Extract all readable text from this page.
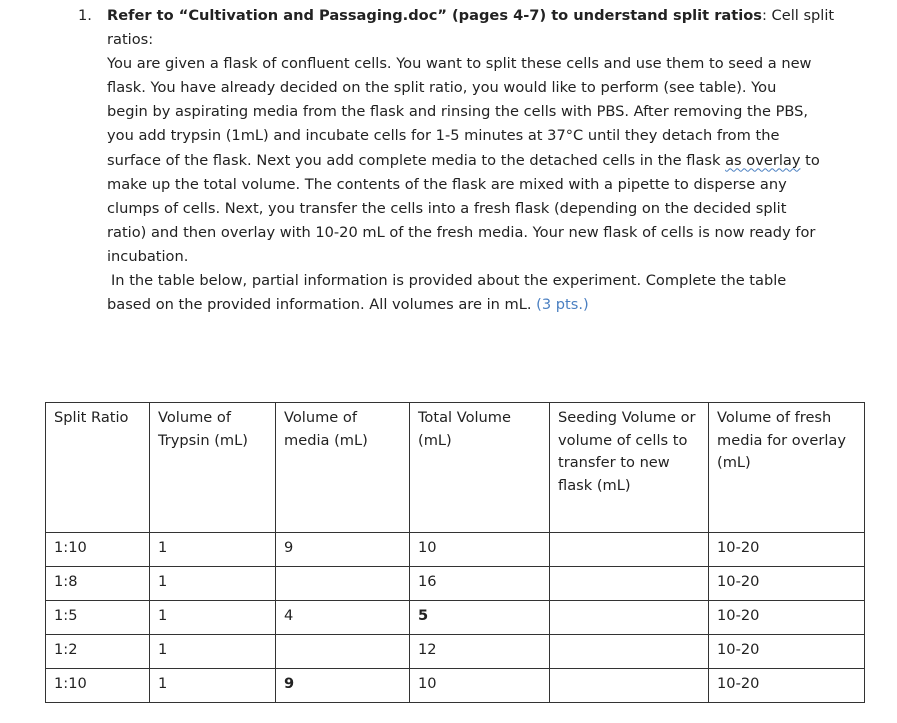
1. Refer to “Cultivation and Passaging.doc” (pages 4-7) to understand split ratios: Cell split ratios:
You are given a flask of confluent cells. You want to split these cells and use them to seed a new
flask. You have already decided on the split ratio, you would like to perform (see table). You
begin by aspirating media from the flask and rinsing the cells with PBS. After removing the PBS,
you add trypsin (1mL) and incubate cells for 1-5 minutes at 37°C until they detach from the
surface of the flask. Next you add complete media to the detached cells in the flask as overlay to
make up the total volume. The contents of the flask are mixed with a pipette to disperse any
clumps of cells. Next, you transfer the cells into a fresh flask (depending on the decided split
ratio) and then overlay with 10-20 mL of the fresh media. Your new flask of cells is now ready for
incubation.
In the table below, partial information is provided about the experiment. Complete the table
based on the provided information. All volumes are in mL. (3 pts.)
Split Ratio	Volume of Trypsin (mL)	Volume of media (mL)	Total Volume (mL)	Seeding Volume or volume of cells to transfer to new flask (mL)	Volume of fresh media for overlay (mL)
1:10	1	9	10		10-20
1:8	1		16		10-20
1:5	1	4	5		10-20
1:2	1		12		10-20
1:10	1	9	10		10-20
